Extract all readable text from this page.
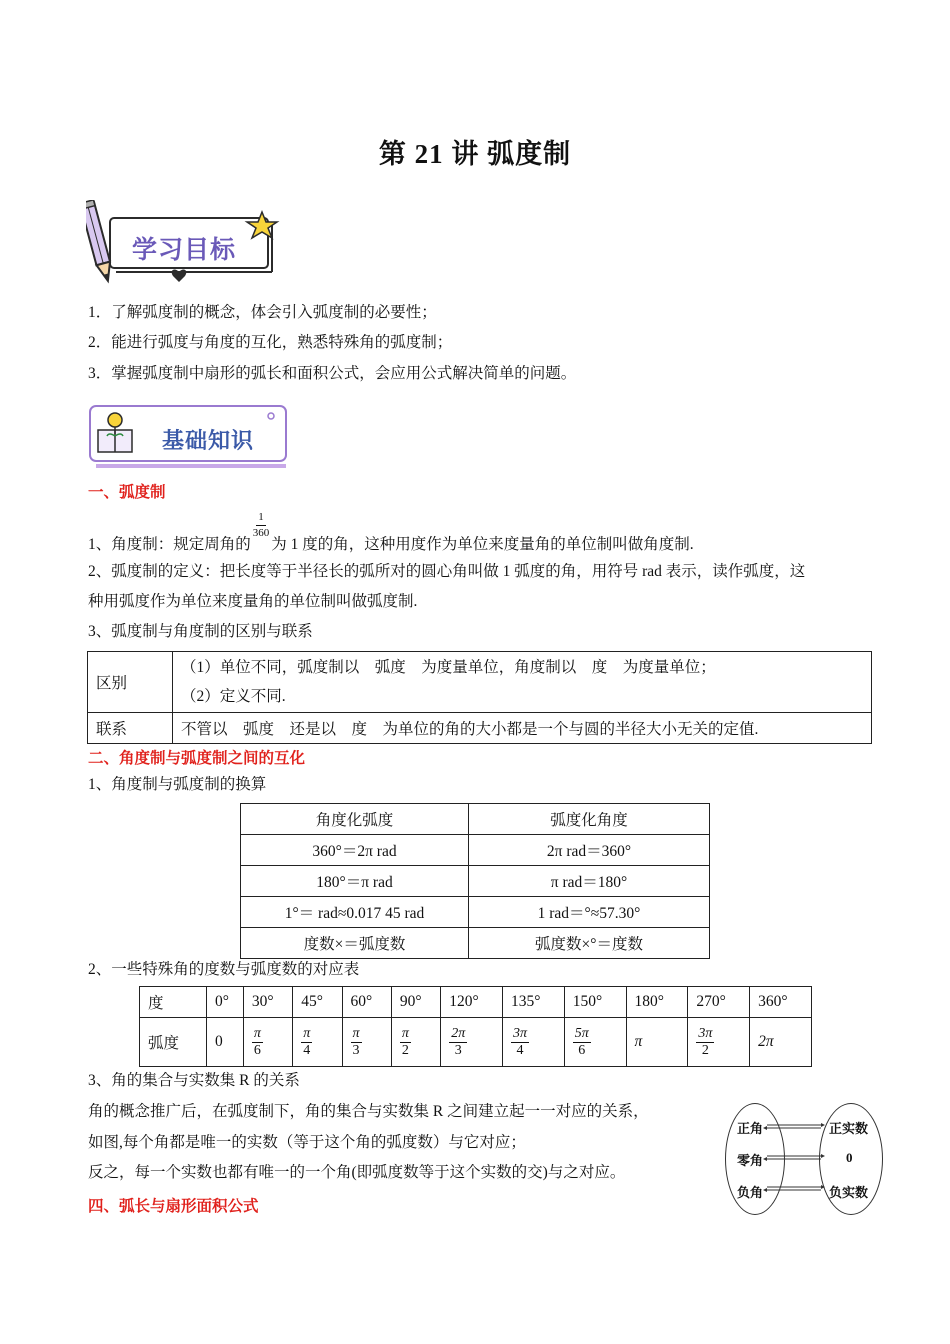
第 21 讲 弧度制
学习目标
1．了解弧度制的概念，体会引入弧度制的必要性；
2．能进行弧度与角度的互化，熟悉特殊角的弧度制；
3．掌握弧度制中扇形的弧长和面积公式，会应用公式解决简单的问题。
基础知识
一、弧度制
1、角度制：规定周角的
$\frac{1}{360}$
为 1 度的角，这种用度作为单位来度量角的单位制叫做角度制.
2、弧度制的定义：把长度等于半径长的弧所对的圆心角叫做 1 弧度的角，用符号 rad 表示，读作弧度，这
种用弧度作为单位来度量角的单位制叫做弧度制.
3、弧度制与角度制的区别与联系
区别	（1）单位不同，弧度制以    弧度    为度量单位，角度制以    度    为度量单位；
（2）定义不同.

联系	不管以    弧度    还是以    度    为单位的角的大小都是一个与圆的半径大小无关的定值.
二、角度制与弧度制之间的互化
1、角度制与弧度制的换算
角度化弧度	弧度化角度
360°＝2π rad	2π rad＝360°
180°＝π rad	π rad＝180°
1°＝ rad≈0.017 45 rad	1 rad＝°≈57.30°
度数×＝弧度数	弧度数×°＝度数
2、一些特殊角的度数与弧度数的对应表
度	0°	30°	45°	60°	90°	120°	135°	150°	180°	270°	360°
弧度	0	$\frac{\pi}{6}$	$\frac{\pi}{4}$	$\frac{\pi}{3}$	$\frac{\pi}{2}$	$\frac{2\pi}{3}$	$\frac{3\pi}{4}$	$\frac{5\pi}{6}$	π	$\frac{3\pi}{2}$	2π
3、角的集合与实数集 R 的关系
角的概念推广后，在弧度制下，角的集合与实数集 R 之间建立起一一对应的关系，
如图,每个角都是唯一的实数（等于这个角的弧度数）与它对应；
反之，每一个实数也都有唯一的一个角(即弧度数等于这个实数的交)与之对应。
正角
零角
负角
正实数
0
负实数
四、弧长与扇形面积公式
